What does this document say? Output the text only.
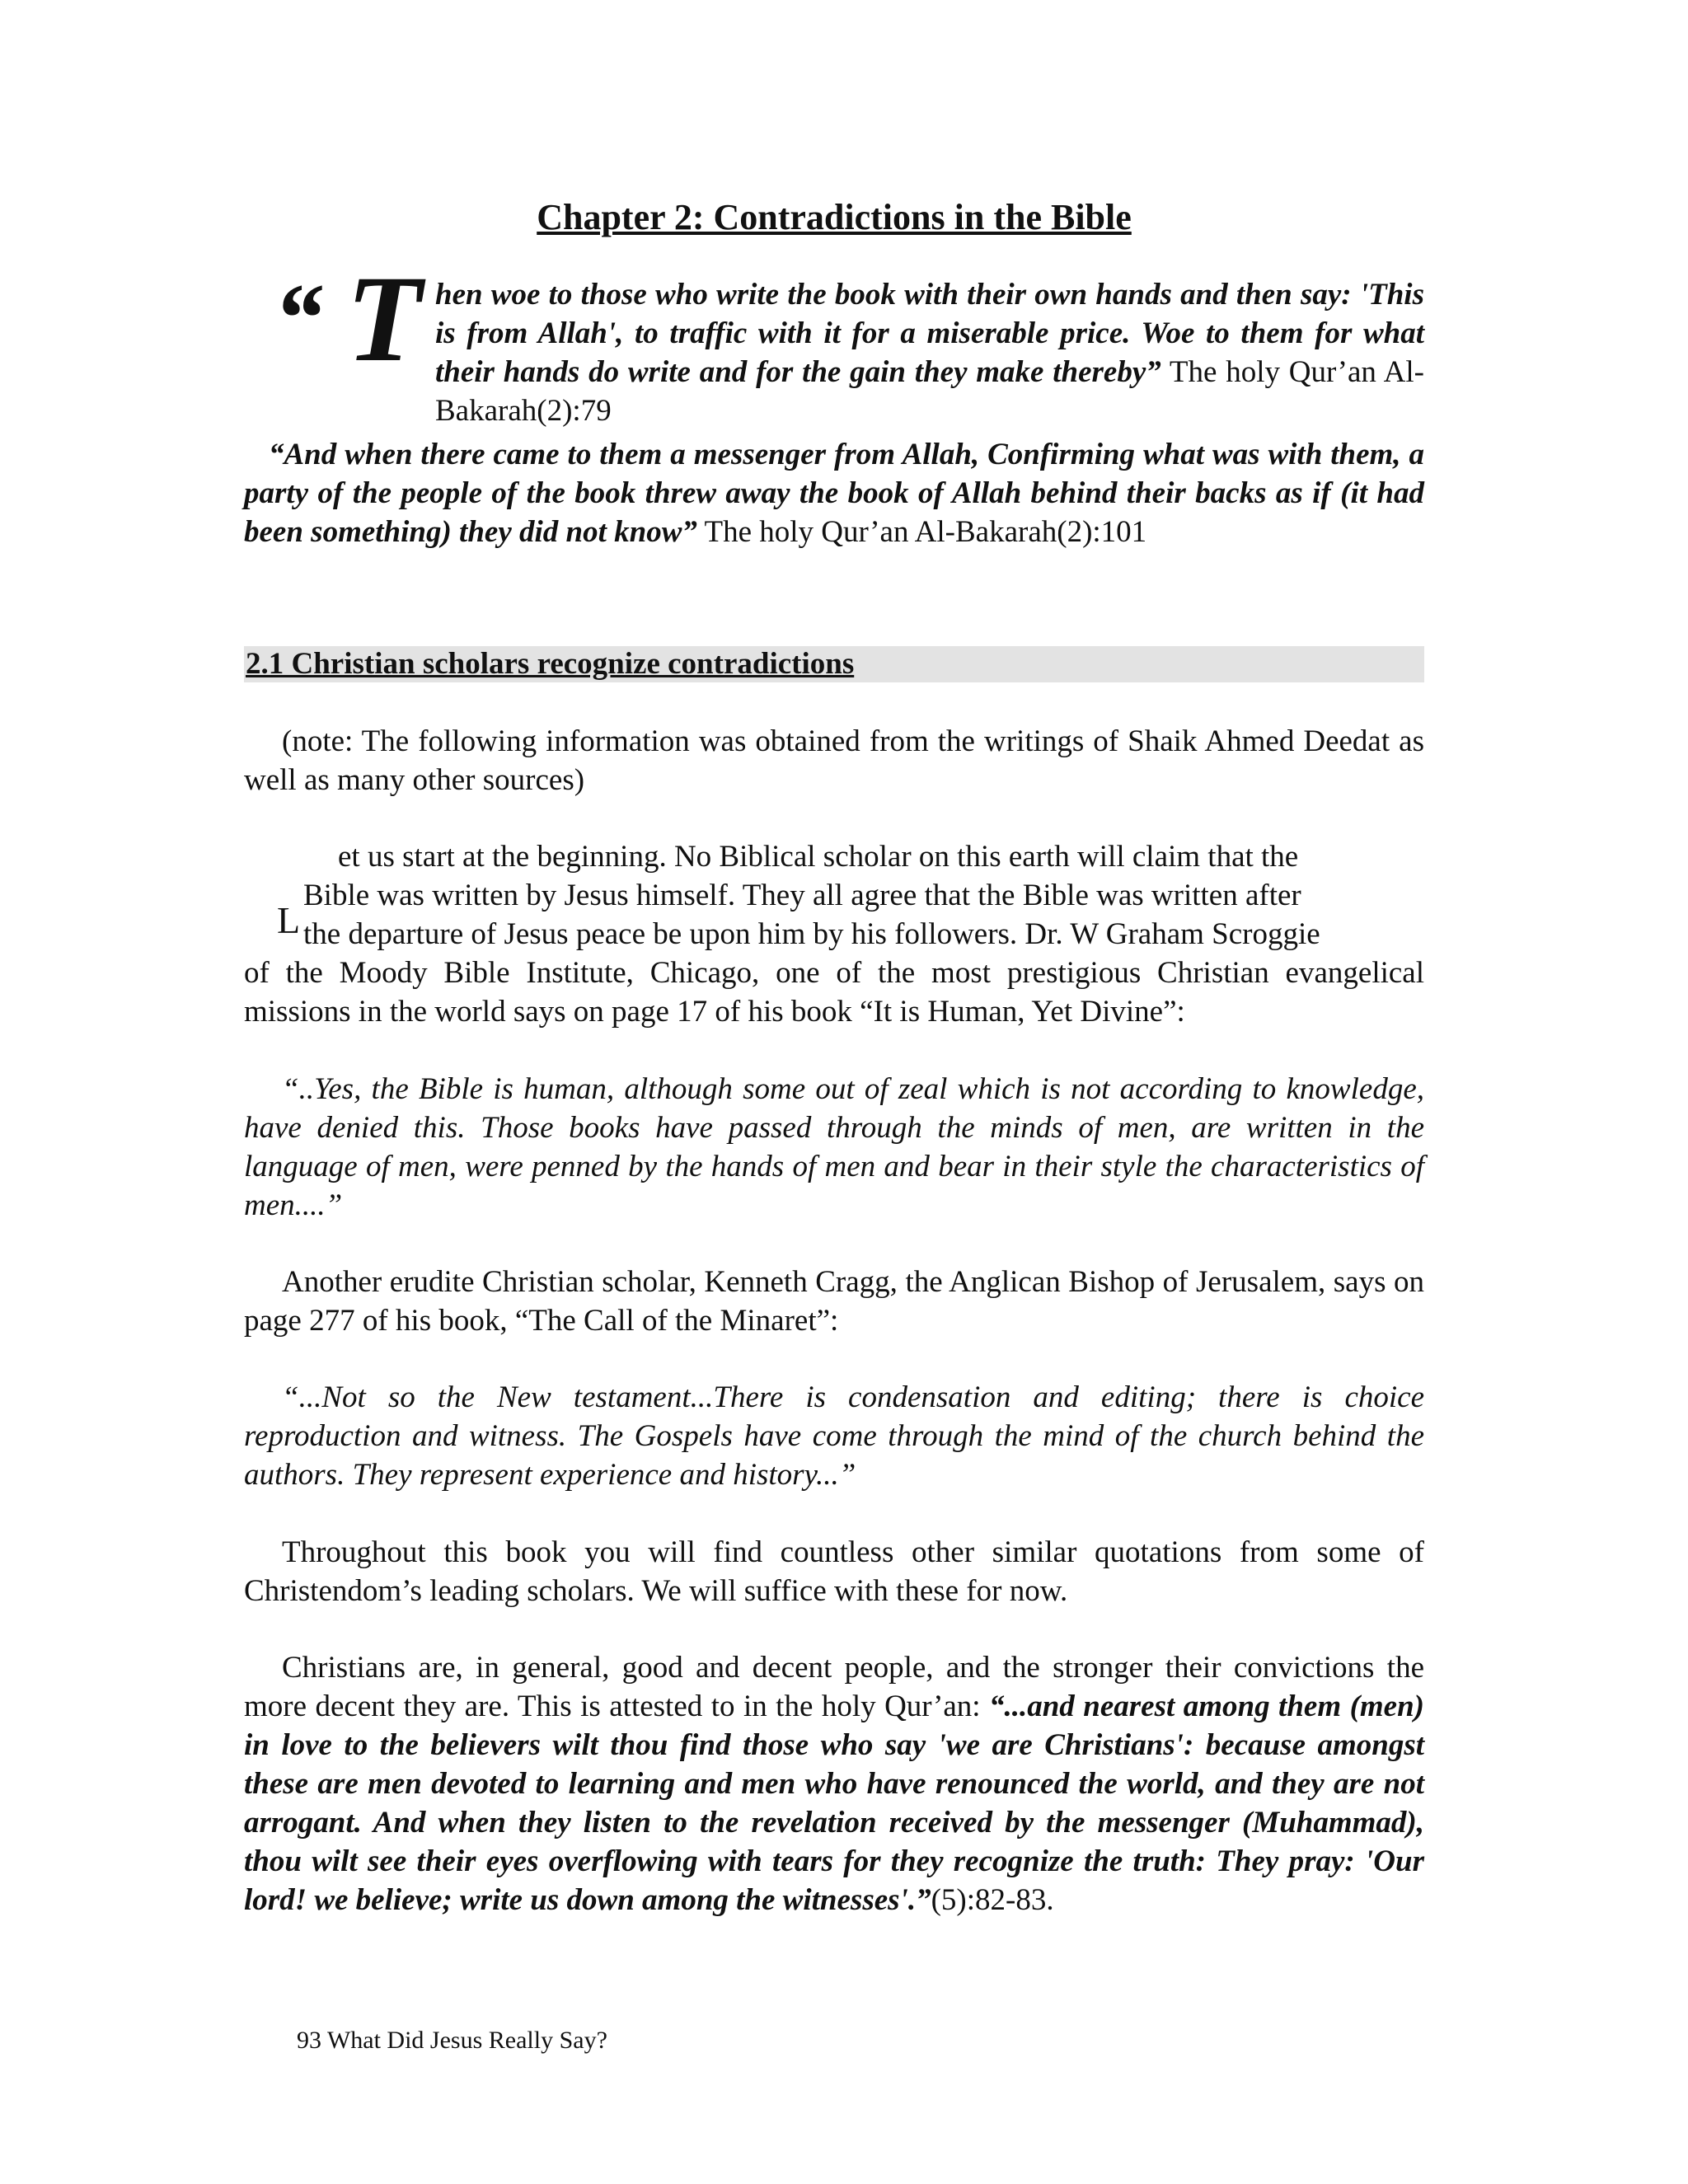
Chapter 2: Contradictions in the Bible
“ T hen woe to those who write the book with their own hands and then say: 'This is from Allah', to traffic with it for a miserable price. Woe to them for what their hands do write and for the gain they make thereby” The holy Qur’an Al-Bakarah(2):79

“And when there came to them a messenger from Allah, Confirming what was with them, a party of the people of the book threw away the book of Allah behind their backs as if (it had been something) they did not know” The holy Qur’an Al-Bakarah(2):101

2.1 Christian scholars recognize contradictions

(note: The following information was obtained from the writings of Shaik Ahmed Deedat as well as many other sources)

L
et us start at the beginning. No Biblical scholar on this earth will claim that the
Bible was written by Jesus himself. They all agree that the Bible was written after
the departure of Jesus peace be upon him by his followers. Dr. W Graham Scroggie

of the Moody Bible Institute, Chicago, one of the most prestigious Christian evangelical missions in the world says on page 17 of his book “It is Human, Yet Divine”:

“..Yes, the Bible is human, although some out of zeal which is not according to knowledge, have denied this. Those books have passed through the minds of men, are written in the language of men, were penned by the hands of men and bear in their style the characteristics of men....”

Another erudite Christian scholar, Kenneth Cragg, the Anglican Bishop of Jerusalem, says on page 277 of his book, “The Call of the Minaret”:

“...Not so the New testament...There is condensation and editing; there is choice reproduction and witness. The Gospels have come through the mind of the church behind the authors. They represent experience and history...”

Throughout this book you will find countless other similar quotations from some of Christendom’s leading scholars. We will suffice with these for now.

Christians are, in general, good and decent people, and the stronger their convictions the more decent they are. This is attested to in the holy Qur’an: “...and nearest among them (men) in love to the believers wilt thou find those who say 'we are Christians': because amongst these are men devoted to learning and men who have renounced the world, and they are not arrogant. And when they listen to the revelation received by the messenger (Muhammad), thou wilt see their eyes overflowing with tears for they recognize the truth: They pray: 'Our lord! we believe; write us down among the witnesses'.”(5):82-83.

93 What Did Jesus Really Say?
